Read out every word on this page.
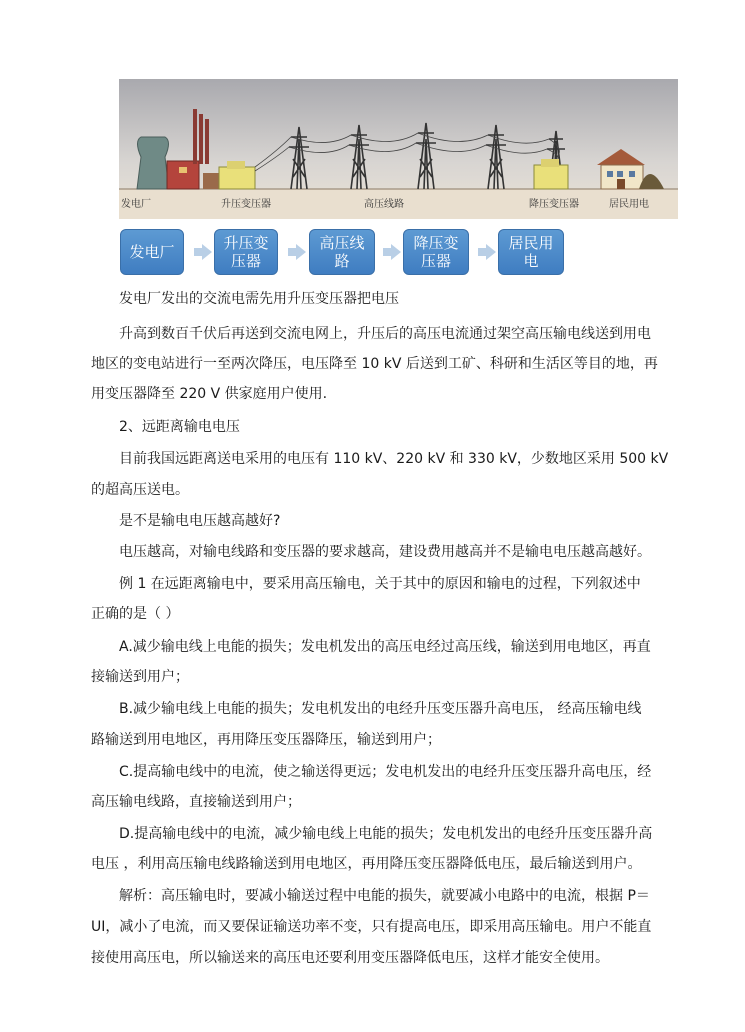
发电厂	升压变压器	高压线路	降压变压器	居民用电
发电厂	升压变
压器
高压线
路
降压变
压器
居民用
电
发电厂发出的交流电需先用升压变压器把电压
升高到数百千伏后再送到交流电网上，升压后的高压电流通过架空高压输电线送到用电
地区的变电站进行一至两次降压，电压降至 10 kV 后送到工矿、科研和生活区等目的地，再
用变压器降至 220 V 供家庭用户使用.
2、远距离输电电压
目前我国远距离送电采用的电压有 110 kV、220 kV 和 330 kV，少数地区采用 500 kV
的超高压送电。
是不是输电电压越高越好?
电压越高，对输电线路和变压器的要求越高，建设费用越高并不是输电电压越高越好。
例 1 在远距离输电中，要采用高压输电，关于其中的原因和输电的过程，下列叙述中
正确的是（ ）
A.减少输电线上电能的损失；发电机发出的高压电经过高压线，输送到用电地区，再直
接输送到用户；
B.减少输电线上电能的损失；发电机发出的电经升压变压器升高电压， 经高压输电线
路输送到用电地区，再用降压变压器降压，输送到用户；
C.提高输电线中的电流，使之输送得更远；发电机发出的电经升压变压器升高电压，经
高压输电线路，直接输送到用户；
D.提高输电线中的电流，减少输电线上电能的损失；发电机发出的电经升压变压器升高
电压 ，利用高压输电线路输送到用电地区，再用降压变压器降低电压，最后输送到用户。
解析：高压输电时，要减小输送过程中电能的损失，就要减小电路中的电流，根据 P＝
UI，减小了电流，而又要保证输送功率不变，只有提高电压，即采用高压输电。用户不能直
接使用高压电，所以输送来的高压电还要利用变压器降低电压，这样才能安全使用。
